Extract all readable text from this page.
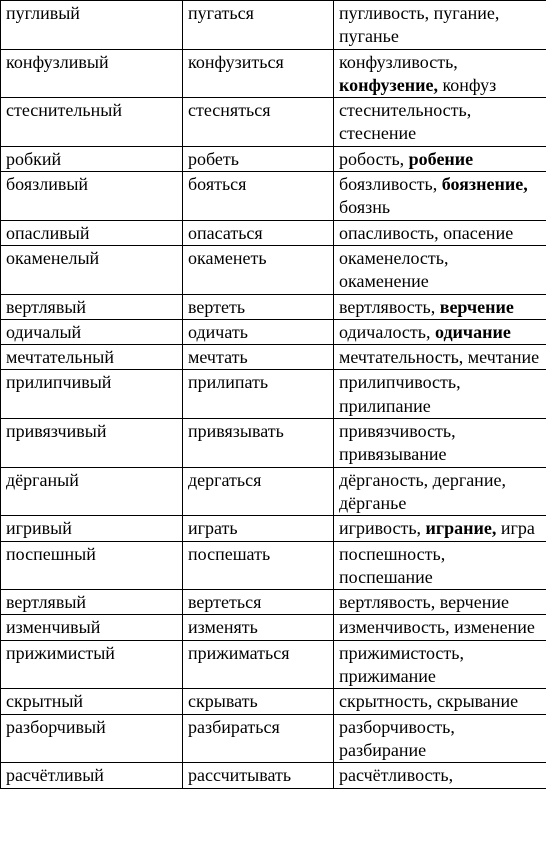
пугливый	пугаться	пугливость, пугание, пуганье
конфузливый	конфузиться	конфузливость, конфузение, конфуз
стеснительный	стесняться	стеснительность, стеснение
робкий	робеть	робость, робение
боязливый	бояться	боязливость, боязнение, боязнь
опасливый	опасаться	опасливость, опасение
окаменелый	окаменеть	окаменелость, окаменение
вертлявый	вертеть	вертлявость, верчение
одичалый	одичать	одичалость, одичание
мечтательный	мечтать	мечтательность, мечтание
прилипчивый	прилипать	прилипчивость, прилипание
привязчивый	привязывать	привязчивость, привязывание
дёрганый	дергаться	дёрганость, дергание, дёрганье
игривый	играть	игривость, играние, игра
поспешный	поспешать	поспешность, поспешание
вертлявый	вертеться	вертлявость, верчение
изменчивый	изменять	изменчивость, изменение
прижимистый	прижиматься	прижимистость, прижимание
скрытный	скрывать	скрытность, скрывание
разборчивый	разбираться	разборчивость, разбирание
расчётливый	рассчитывать	расчётливость,
